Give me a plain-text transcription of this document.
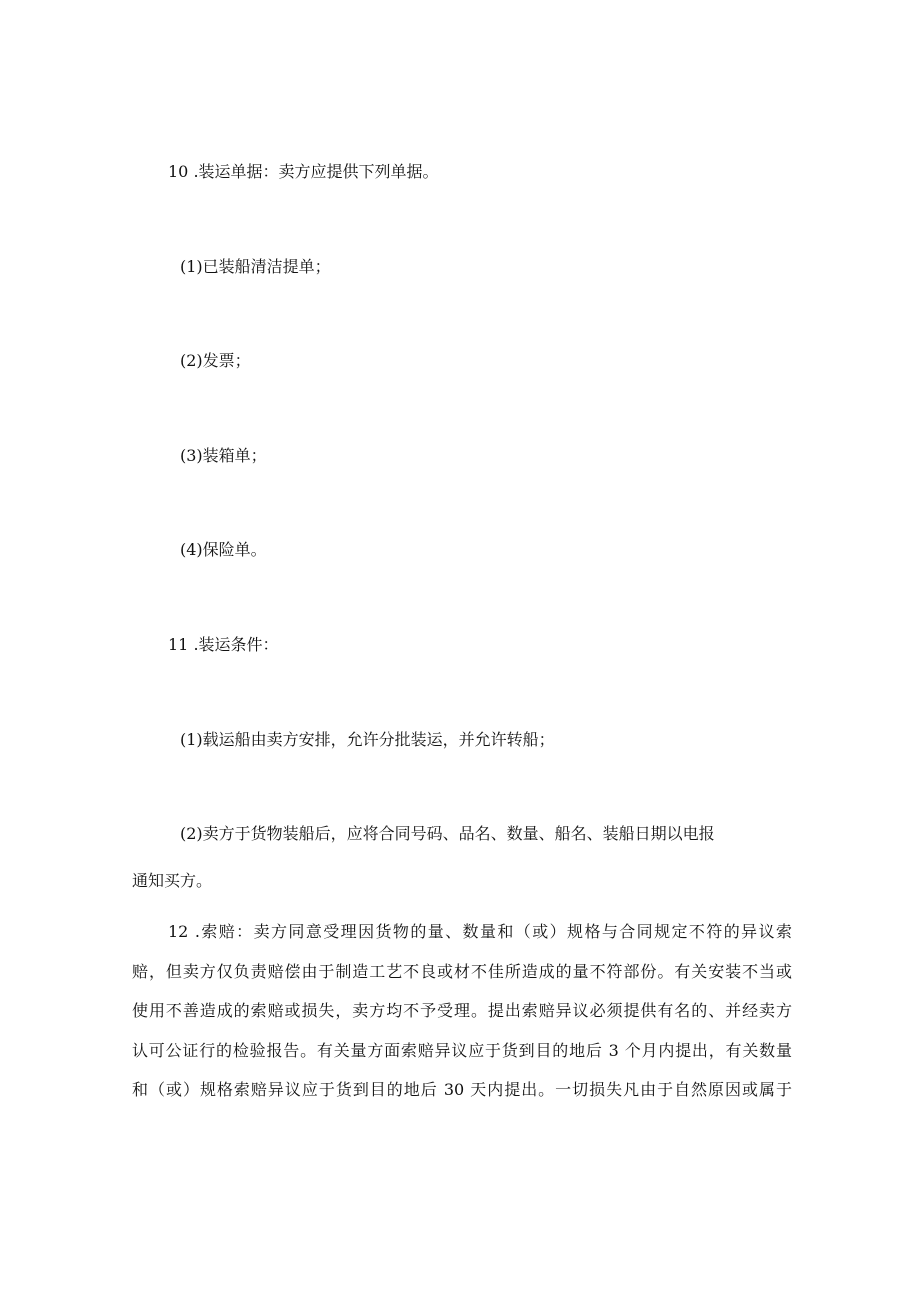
10 .装运单据：卖方应提供下列单据。
(1)已装船清洁提单；
(2)发票；
(3)装箱单；
(4)保险单。
11 .装运条件：
(1)载运船由卖方安排，允许分批装运，并允许转船；
(2)卖方于货物装船后，应将合同号码、品名、数量、船名、装船日期以电报
通知买方。
12 .索赔：卖方同意受理因货物的量、数量和（或）规格与合同规定不符的异议索
赔，但卖方仅负责赔偿由于制造工艺不良或材不佳所造成的量不符部份。有关安装不当或
使用不善造成的索赔或损失，卖方均不予受理。提出索赔异议必须提供有名的、并经卖方
认可公证行的检验报告。有关量方面索赔异议应于货到目的地后 3 个月内提出，有关数量
和（或）规格索赔异议应于货到目的地后 30 天内提出。一切损失凡由于自然原因或属于
